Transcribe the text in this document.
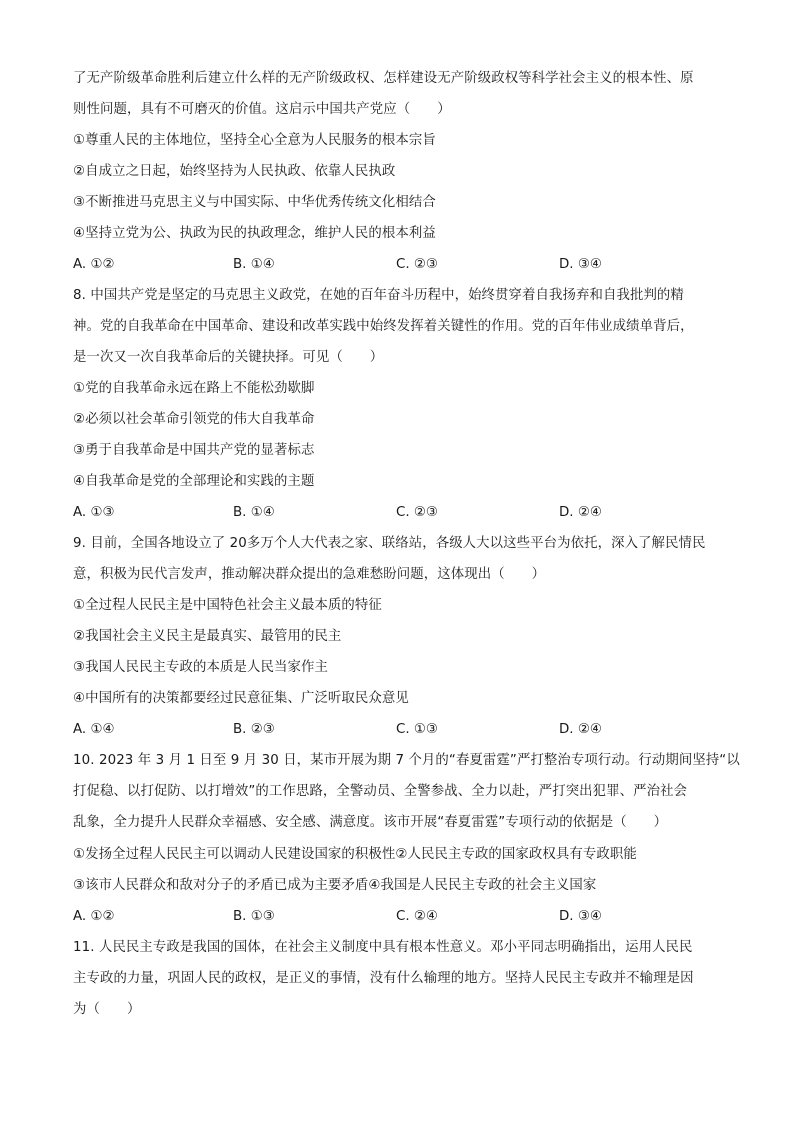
了无产阶级革命胜利后建立什么样的无产阶级政权、怎样建设无产阶级政权等科学社会主义的根本性、原
则性问题，具有不可磨灭的价值。这启示中国共产党应（　　）
①尊重人民的主体地位，坚持全心全意为人民服务的根本宗旨
②自成立之日起，始终坚持为人民执政、依靠人民执政
③不断推进马克思主义与中国实际、中华优秀传统文化相结合
④坚持立党为公、执政为民的执政理念，维护人民的根本利益
A. ①②	B. ①④	C. ②③	D. ③④
8. 中国共产党是坚定的马克思主义政党，在她的百年奋斗历程中，始终贯穿着自我扬弃和自我批判的精
神。党的自我革命在中国革命、建设和改革实践中始终发挥着关键性的作用。党的百年伟业成绩单背后，
是一次又一次自我革命后的关键抉择。可见（　　）
①党的自我革命永远在路上不能松劲歇脚
②必须以社会革命引领党的伟大自我革命
③勇于自我革命是中国共产党的显著标志
④自我革命是党的全部理论和实践的主题
A. ①③	B. ①④	C. ②③	D. ②④
9. 目前，全国各地设立了 20多万个人大代表之家、联络站，各级人大以这些平台为依托，深入了解民情民
意，积极为民代言发声，推动解决群众提出的急难愁盼问题，这体现出（　　）
①全过程人民民主是中国特色社会主义最本质的特征
②我国社会主义民主是最真实、最管用的民主
③我国人民民主专政的本质是人民当家作主
④中国所有的决策都要经过民意征集、广泛听取民众意见
A. ①④	B. ②③	C. ①③	D. ②④
10. 2023 年 3 月 1 日至 9 月 30 日，某市开展为期 7 个月的“春夏雷霆”严打整治专项行动。行动期间坚持“以
打促稳、以打促防、以打增效”的工作思路，全警动员、全警参战、全力以赴，严打突出犯罪、严治社会
乱象，全力提升人民群众幸福感、安全感、满意度。该市开展“春夏雷霆”专项行动的依据是（　　）
①发扬全过程人民民主可以调动人民建设国家的积极性②人民民主专政的国家政权具有专政职能
③该市人民群众和敌对分子的矛盾已成为主要矛盾④我国是人民民主专政的社会主义国家
A. ①②	B. ①③	C. ②④	D. ③④
11. 人民民主专政是我国的国体，在社会主义制度中具有根本性意义。邓小平同志明确指出，运用人民民
主专政的力量，巩固人民的政权，是正义的事情，没有什么输理的地方。坚持人民民主专政并不输理是因
为（　　）
